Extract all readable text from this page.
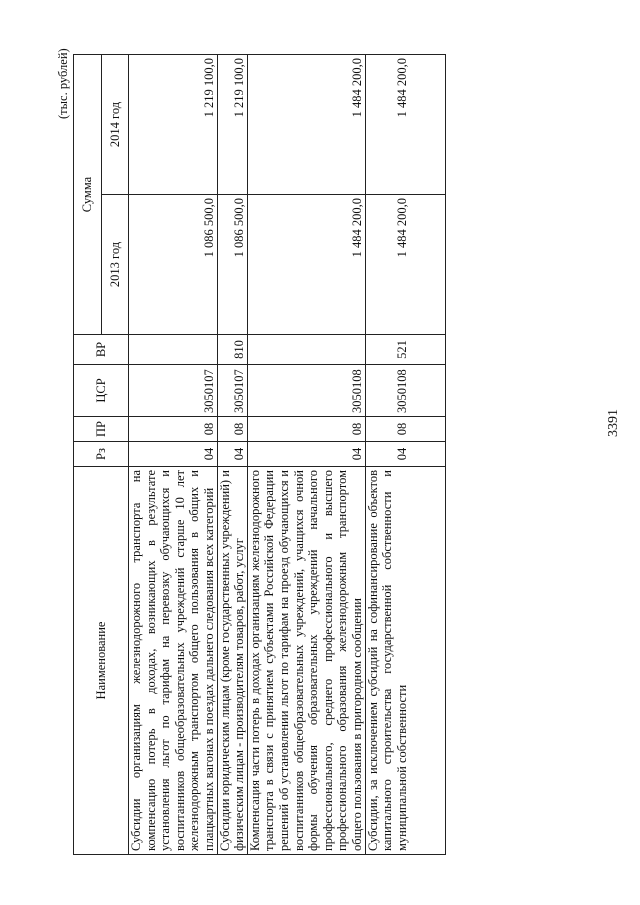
3391
(тыс. рублей)
Наименование	Рз	ПР	ЦСР	ВР	Сумма	
					2013 год	2014 год
Субсидии организациям железнодорожного транспорта на компенсацию потерь в доходах, возникающих в результате установления льгот по тарифам на перевозку обучающихся и воспитанников общеобразовательных учреждений старше 10 лет железнодорожным транспортом общего пользования в общих и плацкартных вагонах в поездах дальнего следования всех категорий	04	08	3050107		1 086 500,0	1 219 100,0
Субсидии юридическим лицам (кроме государственных учреждений) и физическим лицам - производителям товаров, работ, услуг	04	08	3050107	810	1 086 500,0	1 219 100,0
Компенсация части потерь в доходах организациям железнодорожного транспорта в связи с принятием субъектами Российской Федерации решений об установлении льгот по тарифам на проезд обучающихся и воспитанников общеобразовательных учреждений, учащихся очной формы обучения образовательных учреждений начального профессионального, среднего профессионального и высшего профессионального образования железнодорожным транспортом общего пользования в пригородном сообщении	04	08	3050108		1 484 200,0	1 484 200,0
Субсидии, за исключением субсидий на софинансирование объектов капитального строительства государственной собственности и муниципальной собственности	04	08	3050108	521	1 484 200,0	1 484 200,0
